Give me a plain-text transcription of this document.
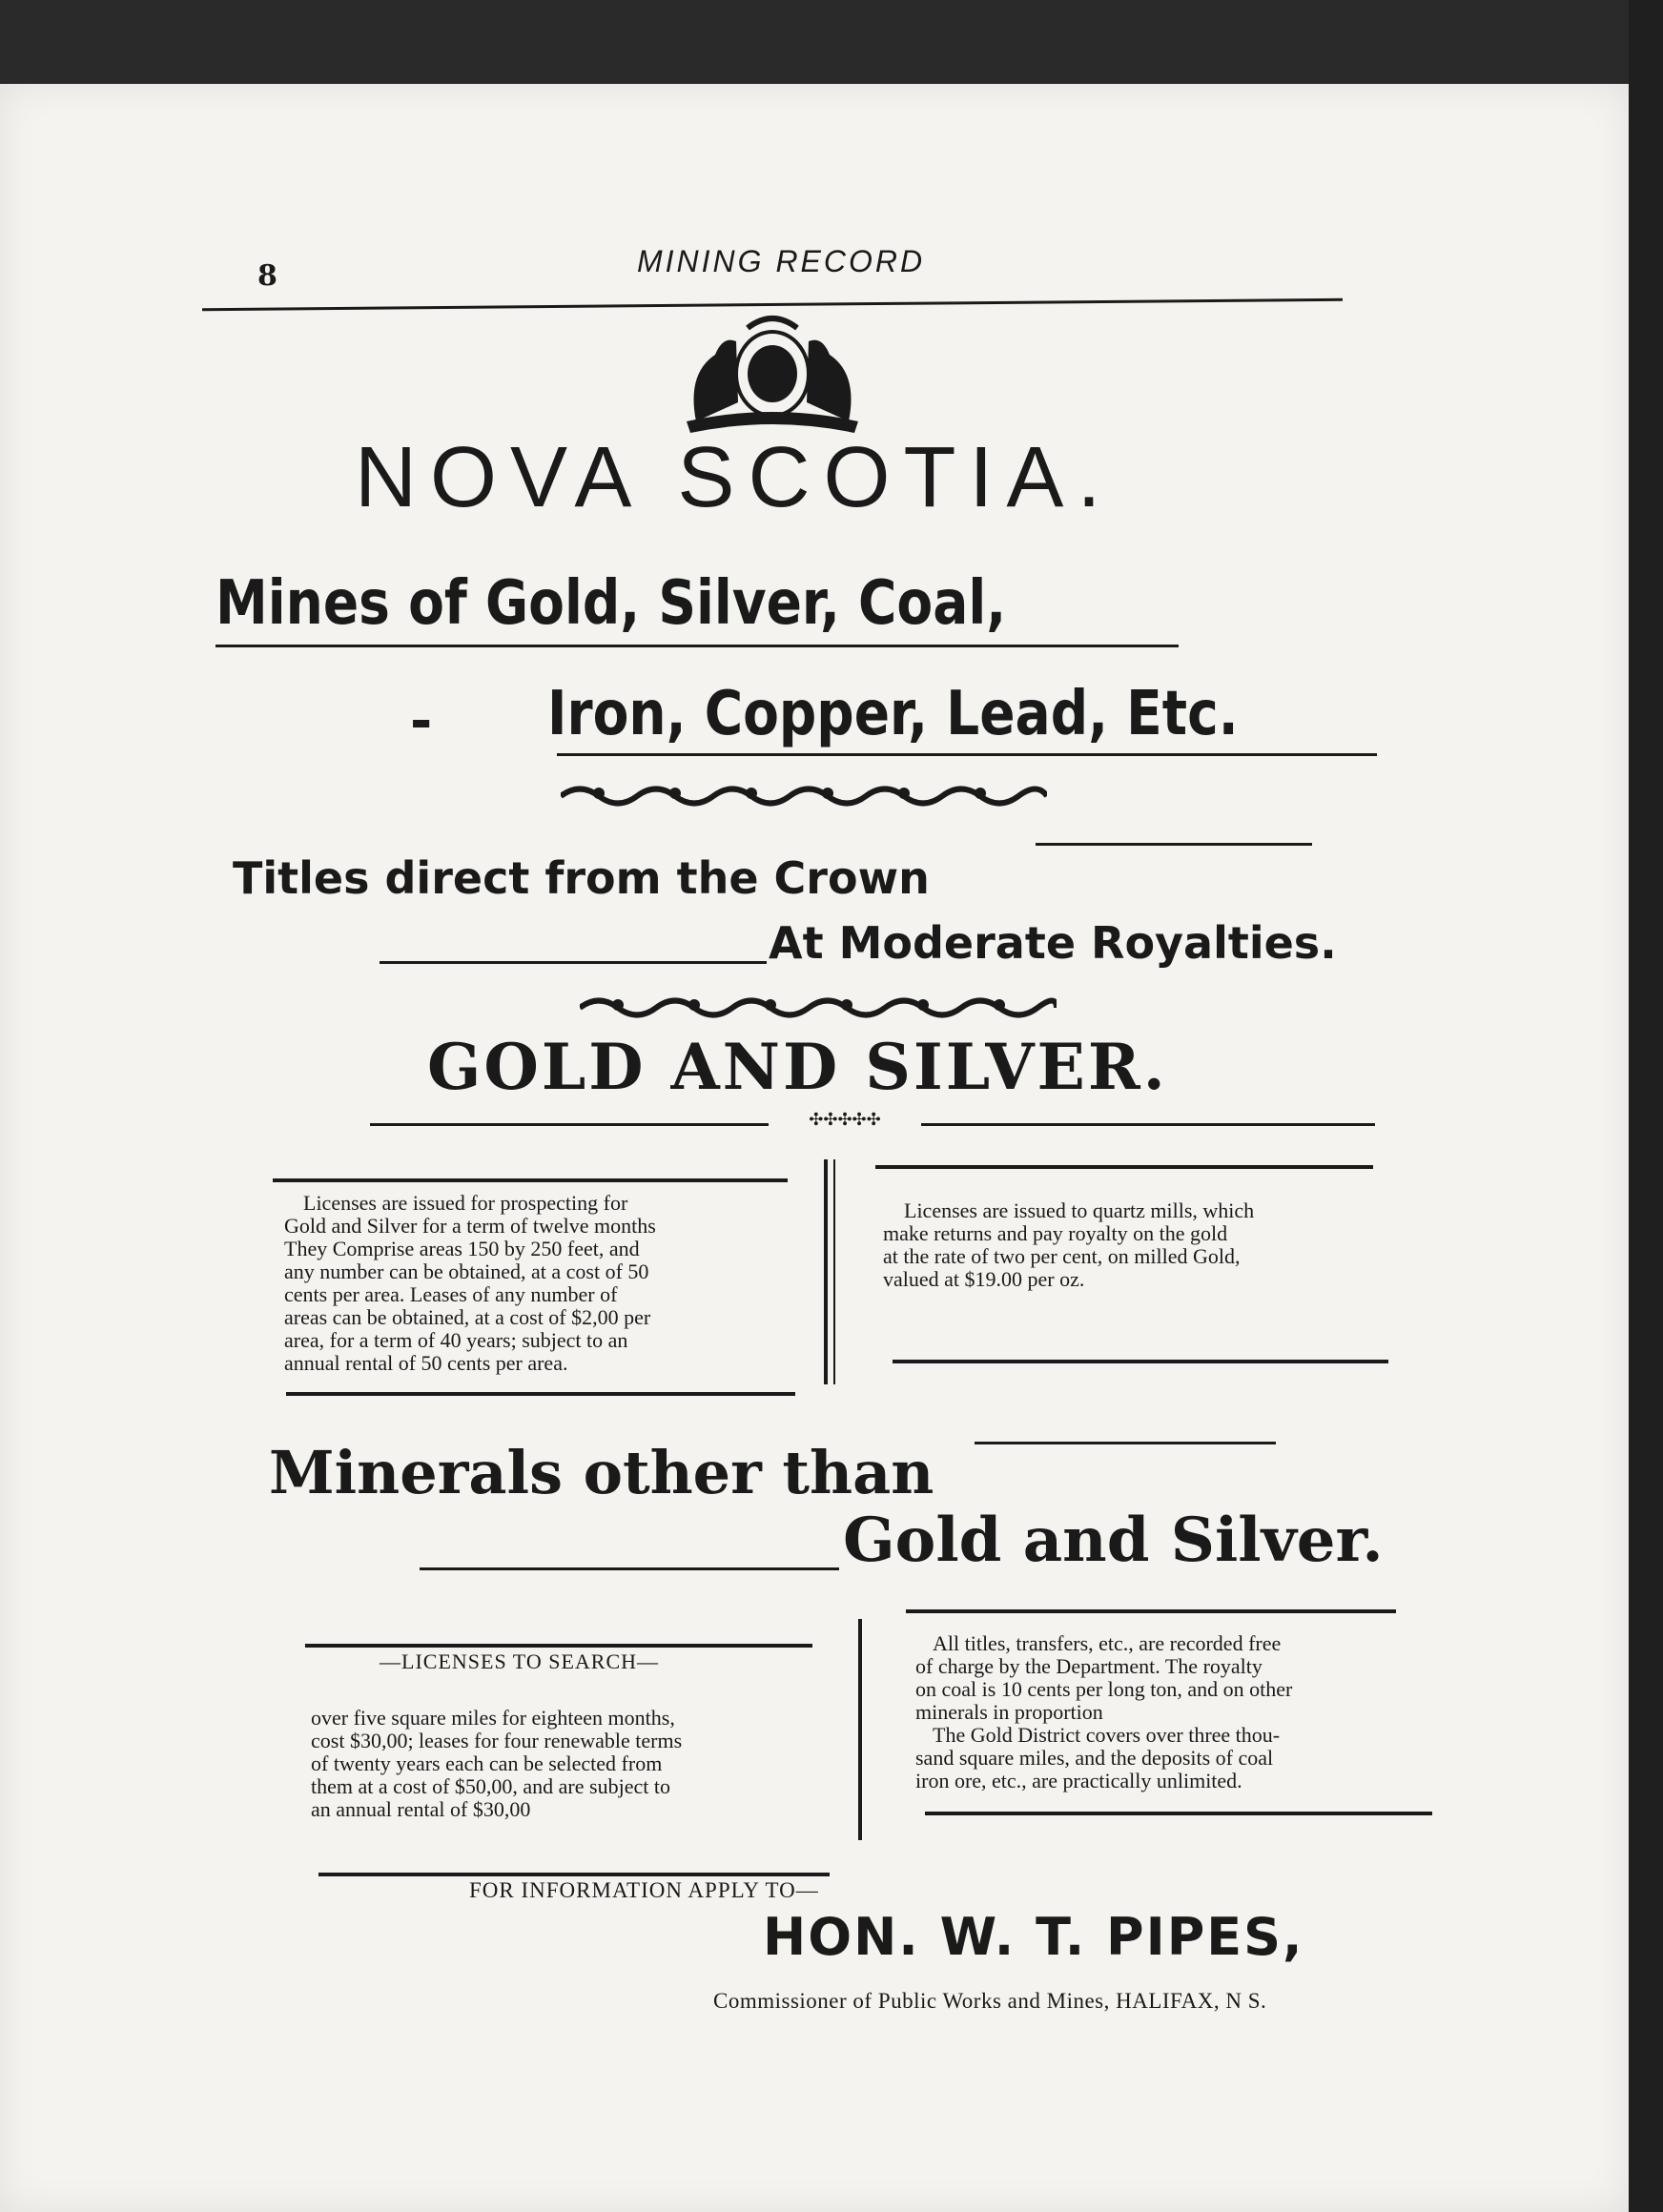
8	MINING RECORD
NOVA SCOTIA.
Mines of Gold, Silver, Coal,
- Iron, Copper, Lead, Etc.
Titles direct from the Crown
At Moderate Royalties.
GOLD AND SILVER.
✣✣✣✣✣
Licenses are issued for prospecting for
Gold and Silver for a term of twelve months
They Comprise areas 150 by 250 feet, and
any number can be obtained, at a cost of 50
cents per area. Leases of any number of
areas can be obtained, at a cost of $2,00 per
area, for a term of 40 years; subject to an
annual rental of 50 cents per area.
Licenses are issued to quartz mills, which
make returns and pay royalty on the gold
at the rate of two per cent, on milled Gold,
valued at $19.00 per oz.
Minerals other than
Gold and Silver.
—LICENSES TO SEARCH—
over five square miles for eighteen months,
cost $30,00; leases for four renewable terms
of twenty years each can be selected from
them at a cost of $50,00, and are subject to
an annual rental of $30,00
All titles, transfers, etc., are recorded free
of charge by the Department. The royalty
on coal is 10 cents per long ton, and on other
minerals in proportion
The Gold District covers over three thou-
sand square miles, and the deposits of coal
iron ore, etc., are practically unlimited.
FOR INFORMATION APPLY TO—
HON. W. T. PIPES,
Commissioner of Public Works and Mines, HALIFAX, N S.
